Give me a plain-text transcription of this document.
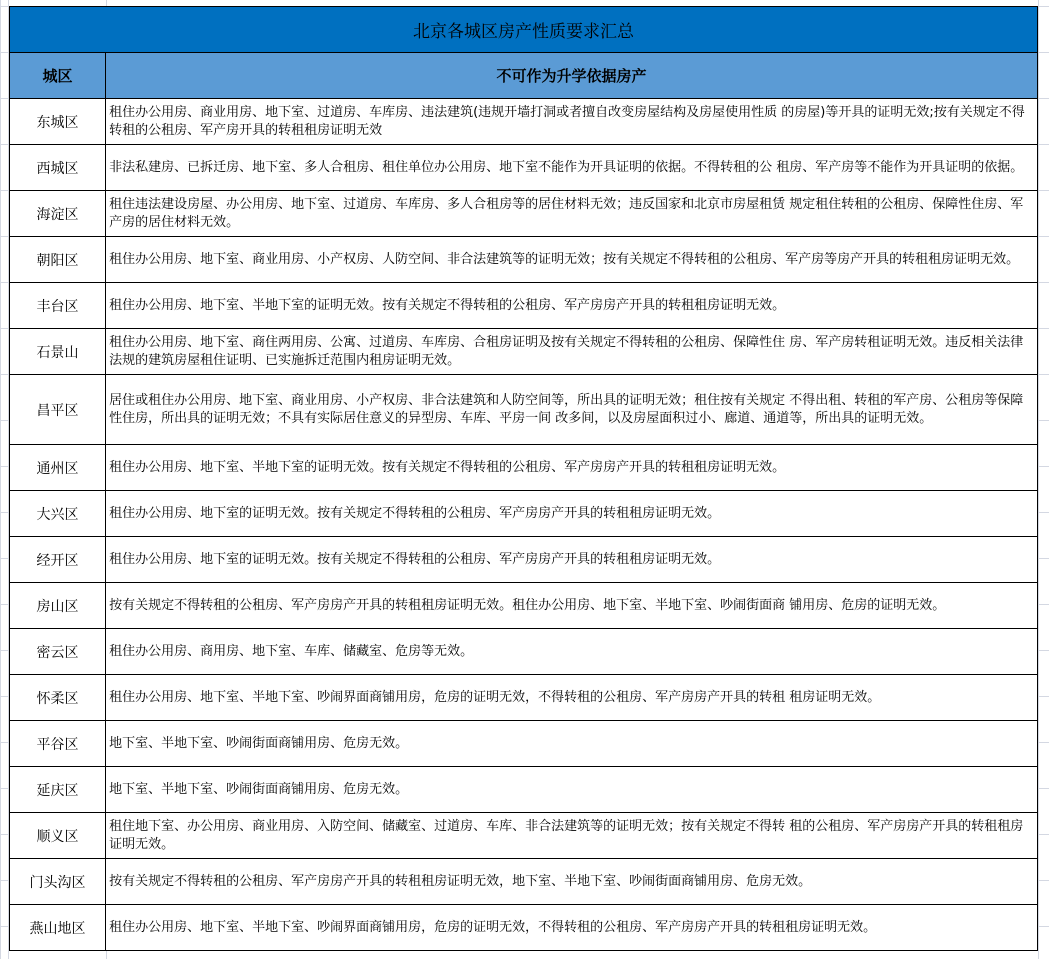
北京各城区房产性质要求汇总	
城区	不可作为升学依据房产
东城区	租住办公用房、商业用房、地下室、过道房、车库房、违法建筑(违规开墙打洞或者擅自改变房屋结构及房屋使用性质 的房屋)等开具的证明无效;按有关规定不得转租的公租房、军产房开具的转租租房证明无效
西城区	非法私建房、已拆迁房、地下室、多人合租房、租住单位办公用房、地下室不能作为开具证明的依据。不得转租的公 租房、军产房等不能作为开具证明的依据。
海淀区	租住违法建设房屋、办公用房、地下室、过道房、车库房、多人合租房等的居住材料无效；违反国家和北京市房屋租赁 规定租住转租的公租房、保障性住房、军产房的居住材料无效。
朝阳区	租住办公用房、地下室、商业用房、小产权房、人防空间、非合法建筑等的证明无效；按有关规定不得转租的公租房、军产房等房产开具的转租租房证明无效。
丰台区	租住办公用房、地下室、半地下室的证明无效。按有关规定不得转租的公租房、军产房房产开具的转租租房证明无效。
石景山	租住办公用房、地下室、商住两用房、公寓、过道房、车库房、合租房证明及按有关规定不得转租的公租房、保障性住 房、军产房转租证明无效。违反相关法律法规的建筑房屋租住证明、已实施拆迁范围内租房证明无效。
昌平区	居住或租住办公用房、地下室、商业用房、小产权房、非合法建筑和人防空间等，所出具的证明无效；租住按有关规定 不得出租、转租的军产房、公租房等保障性住房，所出具的证明无效；不具有实际居住意义的异型房、车库、平房一间 改多间，以及房屋面积过小、廊道、通道等，所出具的证明无效。
通州区	租住办公用房、地下室、半地下室的证明无效。按有关规定不得转租的公租房、军产房房产开具的转租租房证明无效。
大兴区	租住办公用房、地下室的证明无效。按有关规定不得转租的公租房、军产房房产开具的转租租房证明无效。
经开区	租住办公用房、地下室的证明无效。按有关规定不得转租的公租房、军产房房产开具的转租租房证明无效。
房山区	按有关规定不得转租的公租房、军产房房产开具的转租租房证明无效。租住办公用房、地下室、半地下室、吵闹街面商 铺用房、危房的证明无效。
密云区	租住办公用房、商用房、地下室、车库、储藏室、危房等无效。
怀柔区	租住办公用房、地下室、半地下室、吵闹界面商铺用房，危房的证明无效，不得转租的公租房、军产房房产开具的转租 租房证明无效。
平谷区	地下室、半地下室、吵闹街面商铺用房、危房无效。
延庆区	地下室、半地下室、吵闹街面商铺用房、危房无效。
顺义区	租住地下室、办公用房、商业用房、入防空间、储藏室、过道房、车库、非合法建筑等的证明无效；按有关规定不得转 租的公租房、军产房房产开具的转租租房证明无效。
门头沟区	按有关规定不得转租的公租房、军产房房产开具的转租租房证明无效，地下室、半地下室、吵闹街面商铺用房、危房无效。
燕山地区	租住办公用房、地下室、半地下室、吵闹界面商铺用房，危房的证明无效，不得转租的公租房、军产房房产开具的转租租房证明无效。
